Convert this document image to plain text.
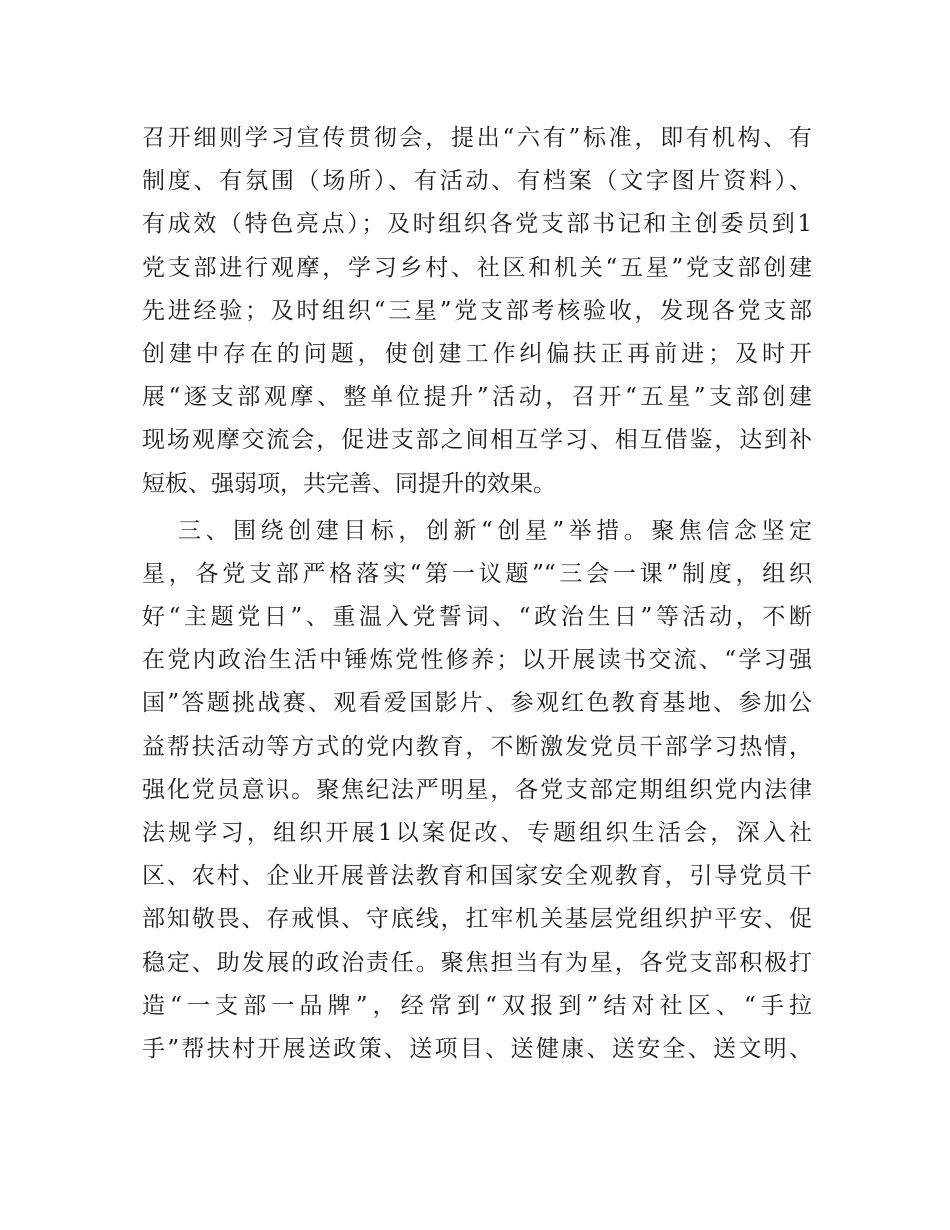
召开细则学习宣传贯彻会，提出“六有”标准，即有机构、有
制度、有氛围（场所）、有活动、有档案（文字图片资料）、
有成效（特色亮点）；及时组织各党支部书记和主创委员到1
党支部进行观摩，学习乡村、社区和机关“五星”党支部创建
先进经验；及时组织“三星”党支部考核验收，发现各党支部
创建中存在的问题，使创建工作纠偏扶正再前进；及时开
展“逐支部观摩、整单位提升”活动，召开“五星”支部创建
现场观摩交流会，促进支部之间相互学习、相互借鉴，达到补
短板、强弱项，共完善、同提升的效果。
三、围绕创建目标，创新“创星”举措。聚焦信念坚定
星，各党支部严格落实“第一议题”“三会一课”制度，组织
好“主题党日”、重温入党誓词、“政治生日”等活动，不断
在党内政治生活中锤炼党性修养；以开展读书交流、“学习强
国”答题挑战赛、观看爱国影片、参观红色教育基地、参加公
益帮扶活动等方式的党内教育，不断激发党员干部学习热情，
强化党员意识。聚焦纪法严明星，各党支部定期组织党内法律
法规学习，组织开展1以案促改、专题组织生活会，深入社
区、农村、企业开展普法教育和国家安全观教育，引导党员干
部知敬畏、存戒惧、守底线，扛牢机关基层党组织护平安、促
稳定、助发展的政治责任。聚焦担当有为星，各党支部积极打
造“一支部一品牌”，经常到“双报到”结对社区、“手拉
手”帮扶村开展送政策、送项目、送健康、送安全、送文明、
